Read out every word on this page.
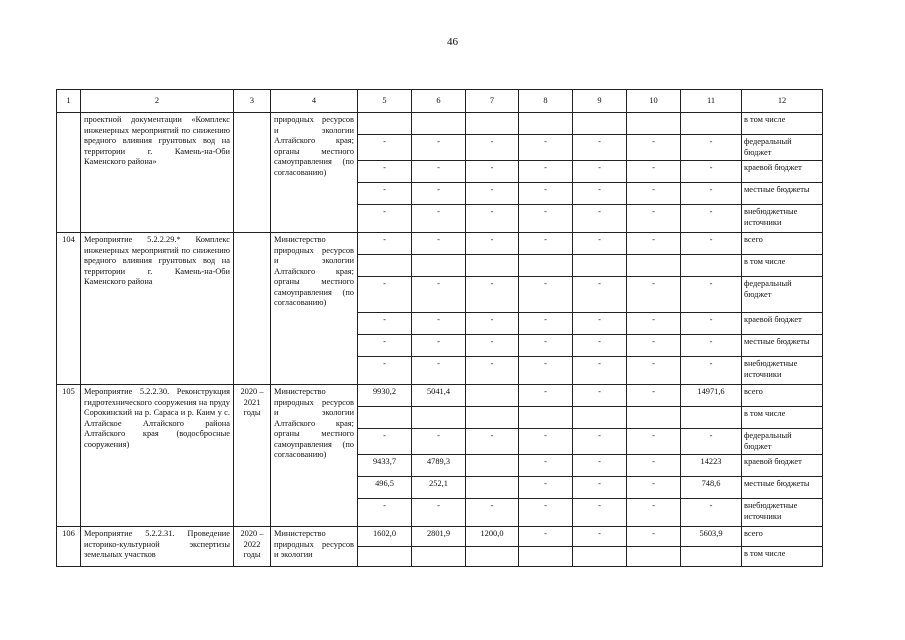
46
1	2	3	4	5	6	7	8	9	10	11	12
	проектной документации «Комплекс инженерных мероприятий по снижению вредного влияния грунтовых вод на территории г. Камень-на-Оби Каменского района»		природных ресурсов и экологии Алтайского края; органы местного самоуправления (по согласованию)								в том числе
				-	-	-	-	-	-	-	федеральный бюджет
				-	-	-	-	-	-	-	краевой бюджет
				-	-	-	-	-	-	-	местные бюджеты
				-	-	-	-	-	-	-	внебюджетные источники
104	Мероприятие 5.2.2.29.* Комплекс инженерных мероприятий по снижению вредного влияния грунтовых вод на территории г. Камень-на-Оби Каменского района		Министерство природных ресурсов и экологии Алтайского края; органы местного самоуправления (по согласованию)	-	-	-	-	-	-	-	всего
											в том числе
				-	-	-	-	-	-	-	федеральный бюджет
				-	-	-	-	-	-	-	краевой бюджет
				-	-	-	-	-	-	-	местные бюджеты
				-	-	-	-	-	-	-	внебюджетные источники
105	Мероприятие 5.2.2.30. Реконструкция гидротехнического сооружения на пруду Сорокинский на р. Сараса и р. Каим у с. Алтайское Алтайского района Алтайского края (водосбросные сооружения)	2020 – 2021 годы	Министерство природных ресурсов и экологии Алтайского края; органы местного самоуправления (по согласованию)	9930,2	5041,4		-	-	-	14971,6	всего
											в том числе
				-	-	-	-	-	-	-	федеральный бюджет
				9433,7	4789,3		-	-	-	14223	краевой бюджет
				496,5	252,1		-	-	-	748,6	местные бюджеты
				-	-	-	-	-	-	-	внебюджетные источники
106	Мероприятие 5.2.2.31. Проведение историко-культурной экспертизы земельных участков	2020 – 2022 годы	Министерство природных ресурсов и экологии	1602,0	2801,9	1200,0	-	-	-	5603,9	всего
											в том числе
